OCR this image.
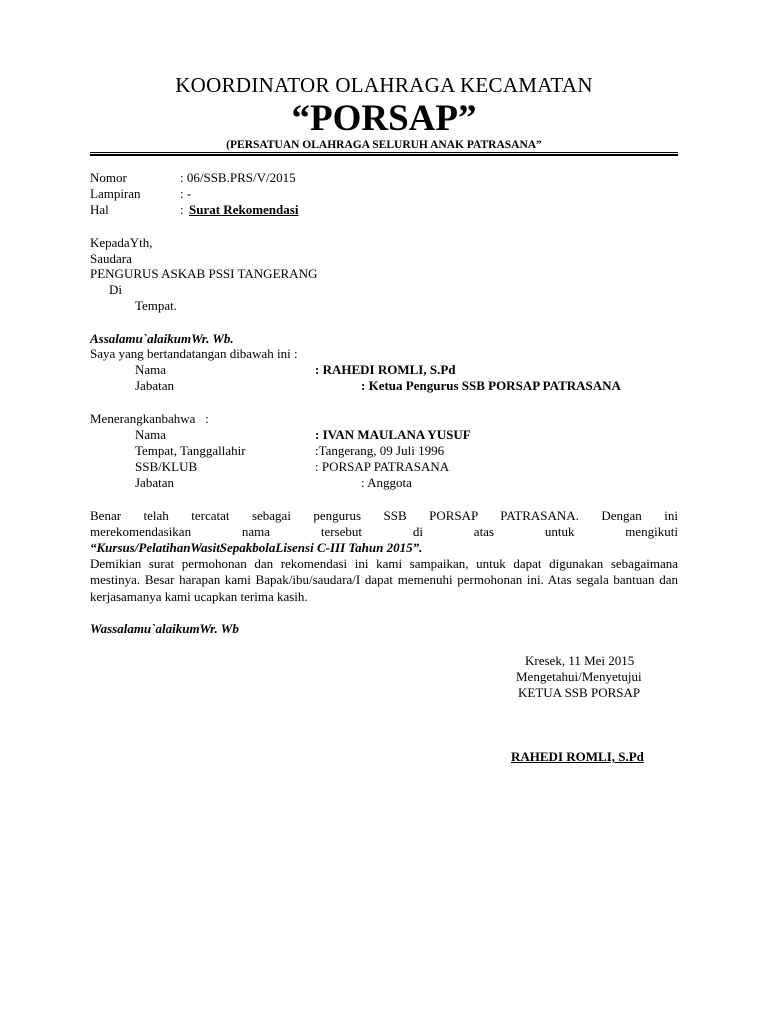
KOORDINATOR OLAHRAGA KECAMATAN
“PORSAP”
(PERSATUAN OLAHRAGA SELURUH ANAK PATRASANA”
Nomor	: 06/SSB.PRS/V/2015
Lampiran	: -
Hal	: Surat Rekomendasi
KepadaYth,
Saudara
PENGURUS ASKAB PSSI TANGERANG
Di
Tempat.
Assalamu`alaikumWr. Wb.
Saya yang bertandatangan dibawah ini :
Nama	: RAHEDI ROMLI, S.Pd
Jabatan	: Ketua Pengurus SSB PORSAP PATRASANA
Menerangkanbahwa   :
Nama	: IVAN MAULANA YUSUF
Tempat, Tanggallahir	:Tangerang, 09 Juli 1996
SSB/KLUB	: PORSAP PATRASANA
Jabatan	: Anggota
Benar telah tercatat sebagai pengurus SSB PORSAP PATRASANA. Dengan ini
merekomendasikan nama tersebut di atas untuk mengikuti
“Kursus/PelatihanWasitSepakbolaLisensi C-III Tahun 2015”.
Demikian surat permohonan dan rekomendasi ini kami sampaikan, untuk dapat digunakan sebagaimana mestinya. Besar harapan kami Bapak/ibu/saudara/I dapat memenuhi permohonan ini. Atas segala bantuan dan kerjasamanya kami ucapkan terima kasih.
Wassalamu`alaikumWr. Wb
Kresek, 11 Mei 2015
Mengetahui/Menyetujui
KETUA SSB PORSAP
RAHEDI ROMLI, S.Pd
